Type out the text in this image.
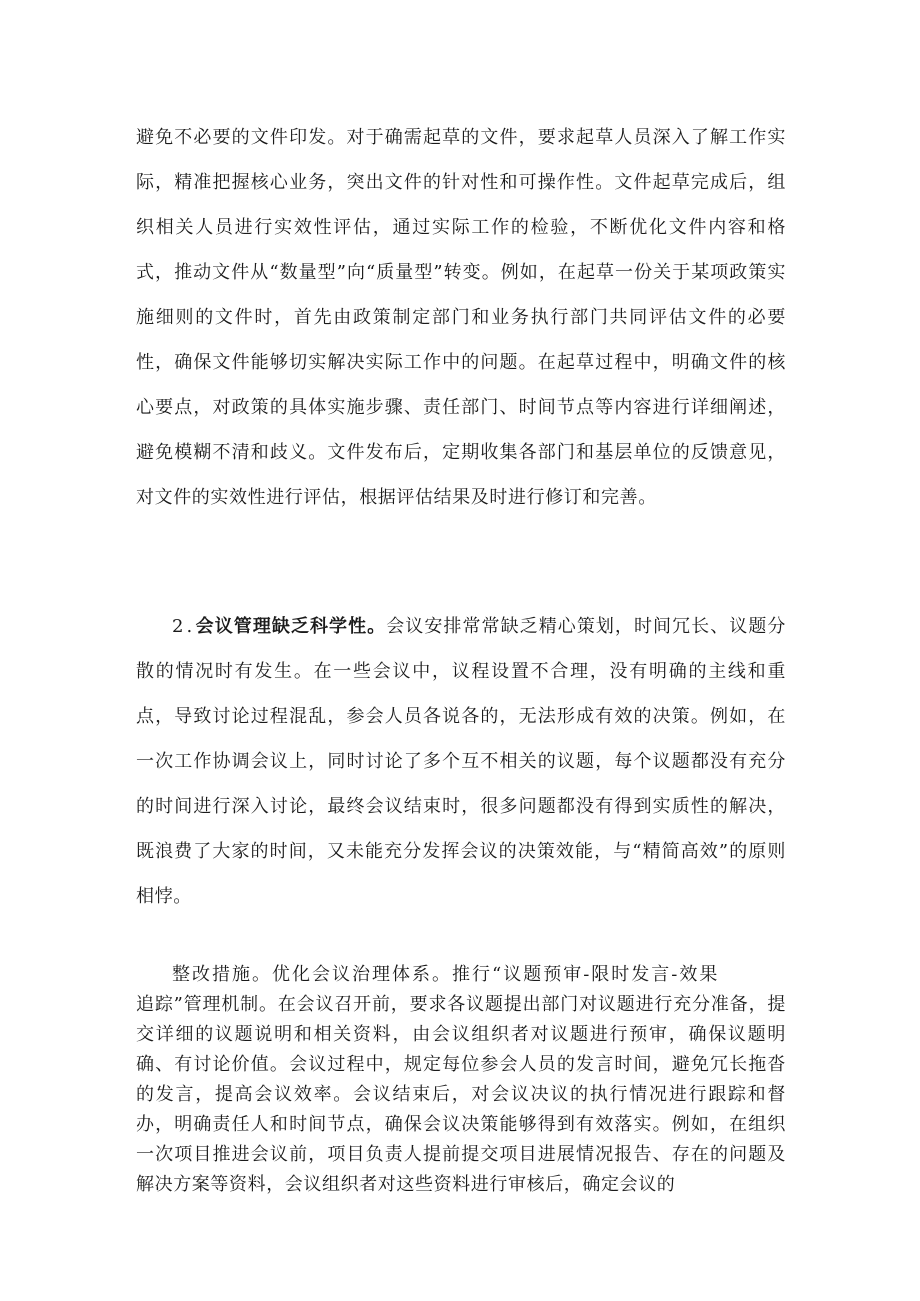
避免不必要的文件印发。对于确需起草的文件，要求起草人员深入了解工作实际，精准把握核心业务，突出文件的针对性和可操作性。文件起草完成后，组织相关人员进行实效性评估，通过实际工作的检验，不断优化文件内容和格式，推动文件从“数量型”向“质量型”转变。例如，在起草一份关于某项政策实施细则的文件时，首先由政策制定部门和业务执行部门共同评估文件的必要性，确保文件能够切实解决实际工作中的问题。在起草过程中，明确文件的核心要点，对政策的具体实施步骤、责任部门、时间节点等内容进行详细阐述，避免模糊不清和歧义。文件发布后，定期收集各部门和基层单位的反馈意见，对文件的实效性进行评估，根据评估结果及时进行修订和完善。

2.会议管理缺乏科学性。会议安排常常缺乏精心策划，时间冗长、议题分散的情况时有发生。在一些会议中，议程设置不合理，没有明确的主线和重点，导致讨论过程混乱，参会人员各说各的，无法形成有效的决策。例如，在一次工作协调会议上，同时讨论了多个互不相关的议题，每个议题都没有充分的时间进行深入讨论，最终会议结束时，很多问题都没有得到实质性的解决，既浪费了大家的时间，又未能充分发挥会议的决策效能，与“精简高效”的原则相悖。

整改措施。优化会议治理体系。推行“议题预审-限时发言-效果

追踪”管理机制。在会议召开前，要求各议题提出部门对议题进行充分准备，提交详细的议题说明和相关资料，由会议组织者对议题进行预审，确保议题明确、有讨论价值。会议过程中，规定每位参会人员的发言时间，避免冗长拖沓的发言，提高会议效率。会议结束后，对会议决议的执行情况进行跟踪和督办，明确责任人和时间节点，确保会议决策能够得到有效落实。例如，在组织一次项目推进会议前，项目负责人提前提交项目进展情况报告、存在的问题及解决方案等资料，会议组织者对这些资料进行审核后，确定会议的
